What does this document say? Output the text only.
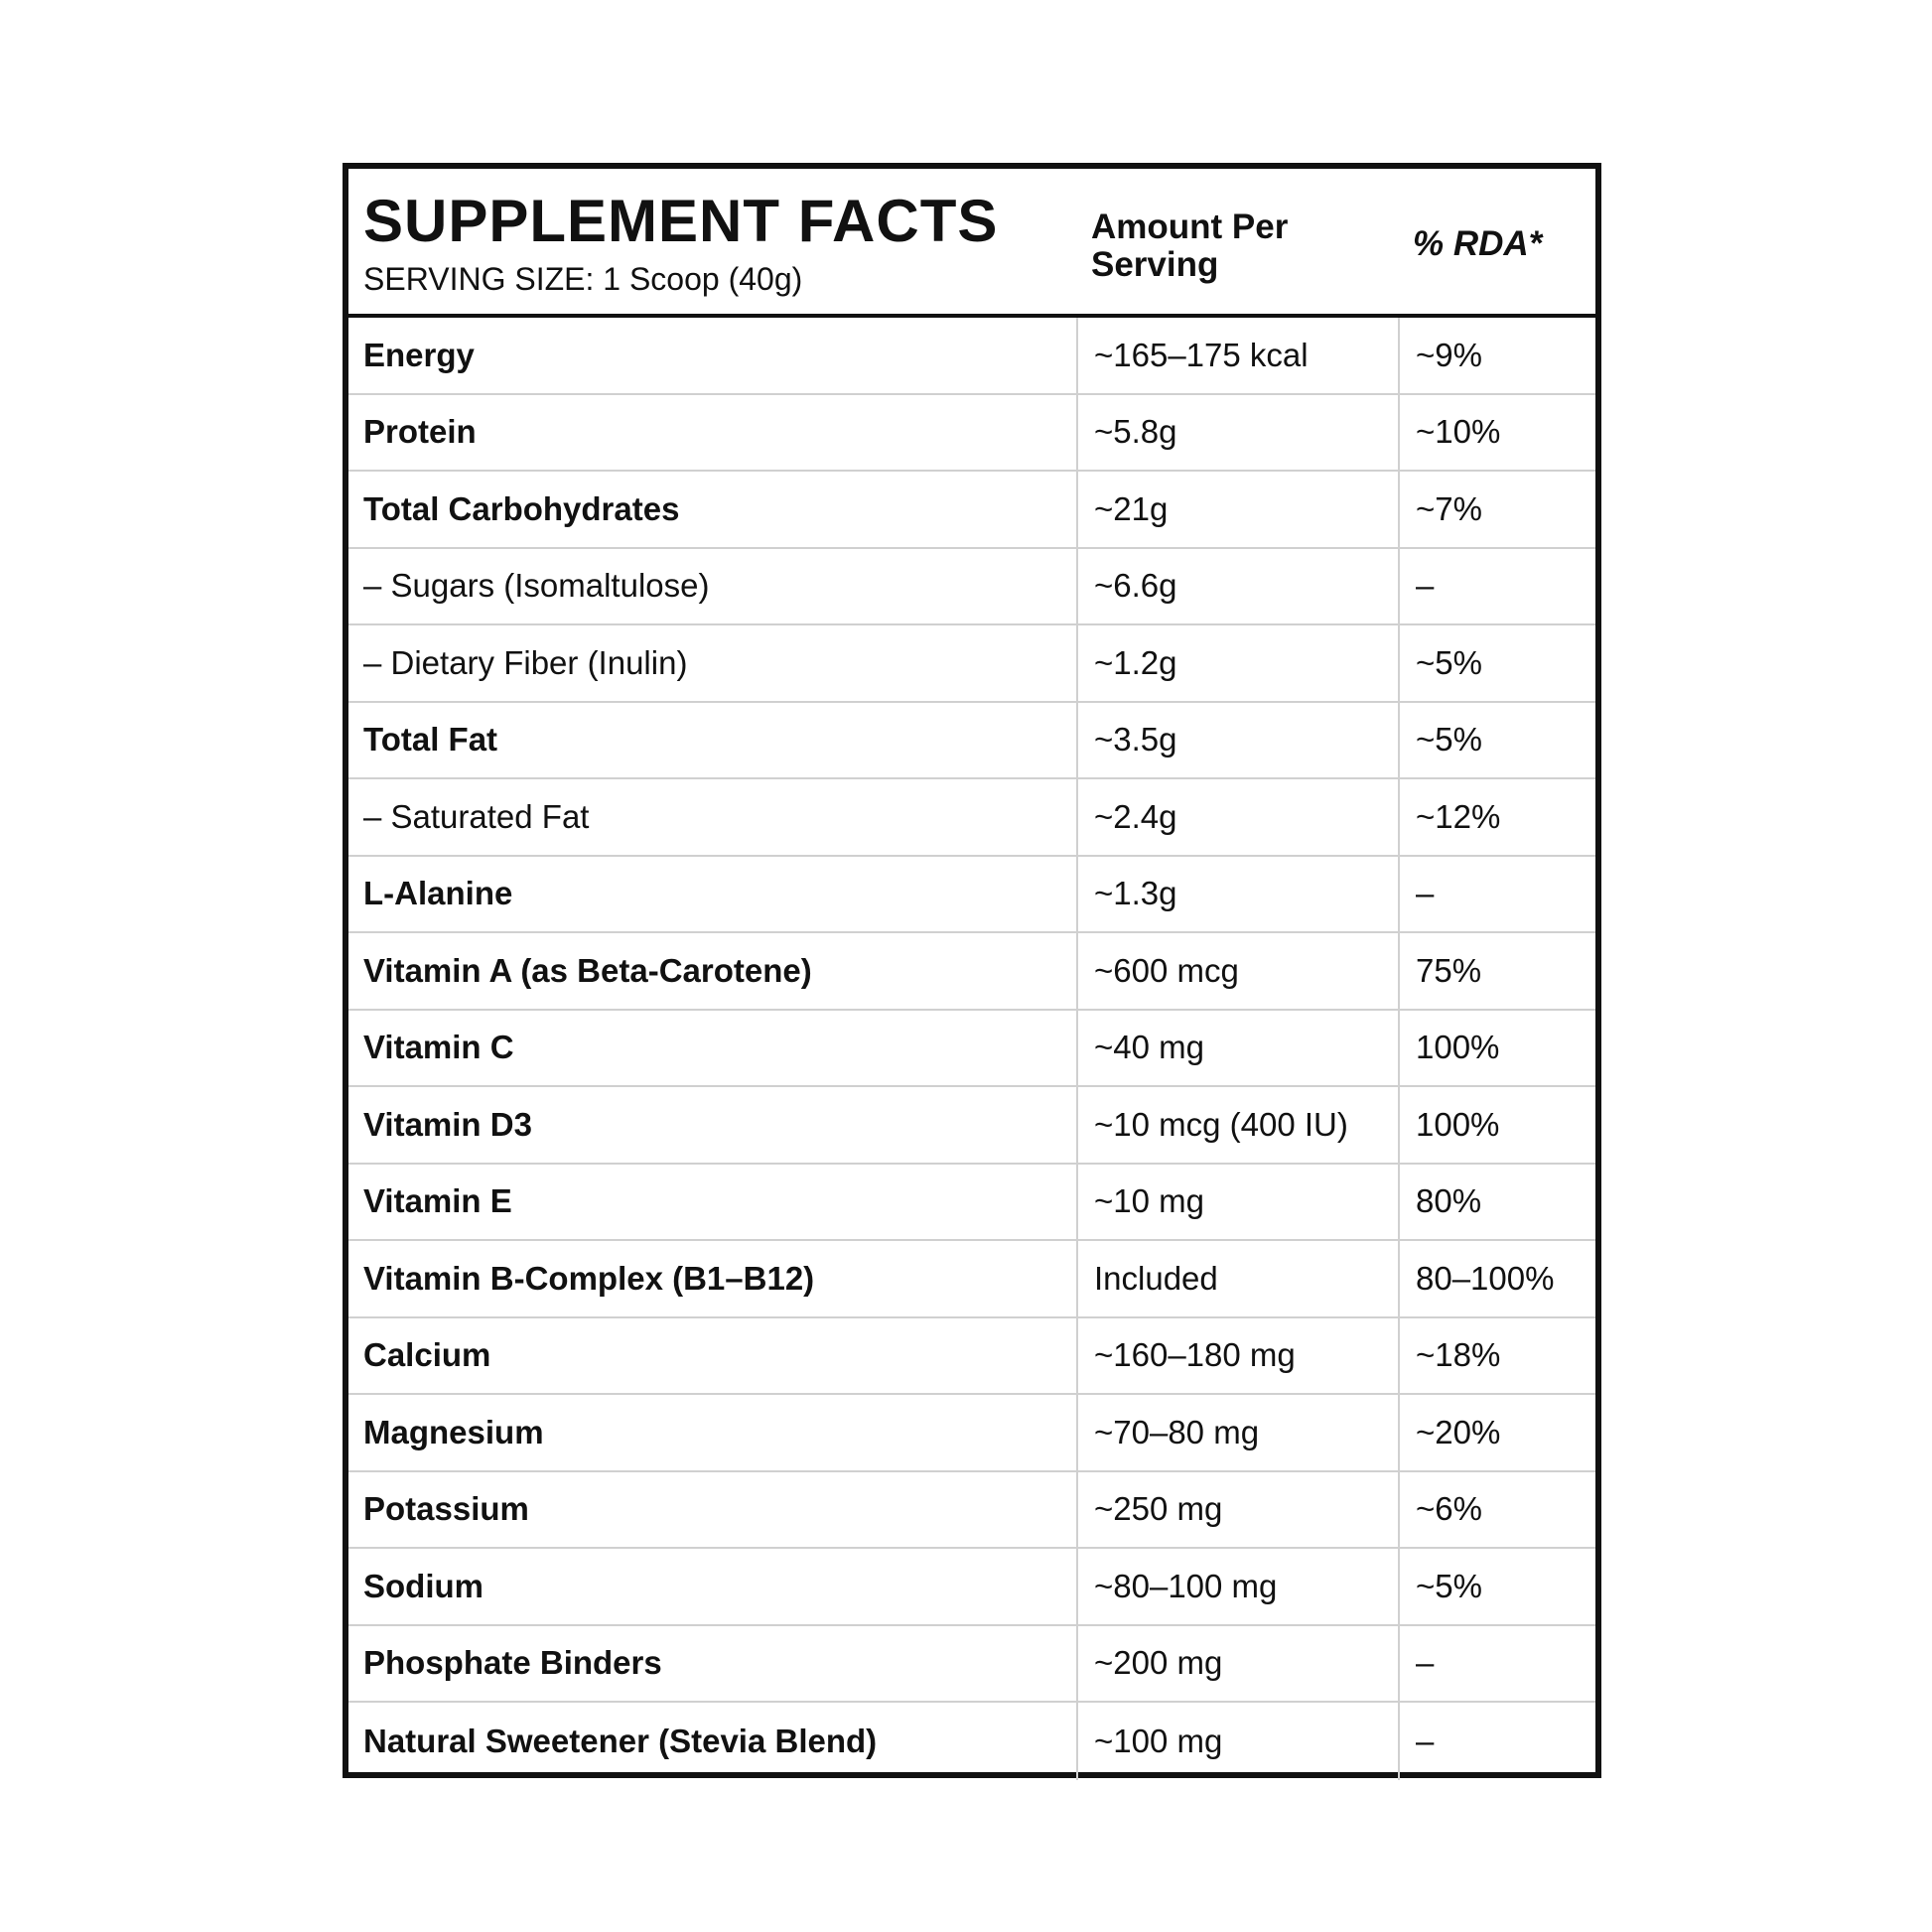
SUPPLEMENT FACTS
SERVING SIZE: 1 Scoop (40g)
Amount Per Serving
% RDA*
Energy	~165–175 kcal	~9%
Protein	~5.8g	~10%
Total Carbohydrates	~21g	~7%
– Sugars (Isomaltulose)	~6.6g	–
– Dietary Fiber (Inulin)	~1.2g	~5%
Total Fat	~3.5g	~5%
– Saturated Fat	~2.4g	~12%
L-Alanine	~1.3g	–
Vitamin A (as Beta-Carotene)	~600 mcg	75%
Vitamin C	~40 mg	100%
Vitamin D3	~10 mcg (400 IU)	100%
Vitamin E	~10 mg	80%
Vitamin B-Complex (B1–B12)	Included	80–100%
Calcium	~160–180 mg	~18%
Magnesium	~70–80 mg	~20%
Potassium	~250 mg	~6%
Sodium	~80–100 mg	~5%
Phosphate Binders	~200 mg	–
Natural Sweetener (Stevia Blend)	~100 mg	–
